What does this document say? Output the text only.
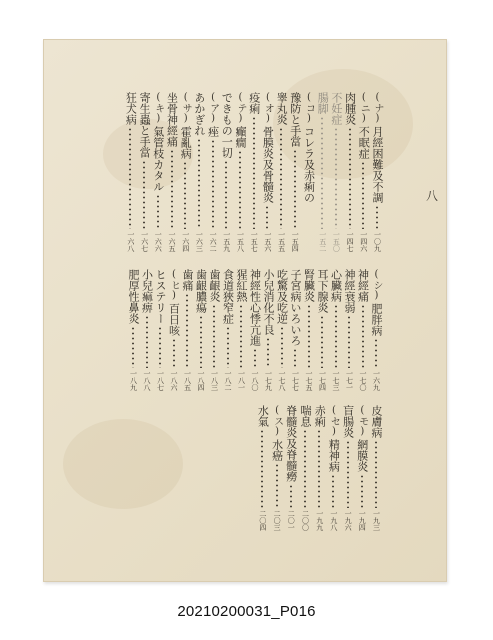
(ナ)
月經困難及不調
一〇九
(ニ)
不眠症
一四六
肉腫炎
一四七
不妊症
一五〇
腸脚
一五二
(コ)
コレラ及赤痢の
豫防と手當
一五四
睾丸炎
一五五
(オ)
骨膜炎及骨髓炎
一五六
疫痢
一五七
(テ)
癲癇
一五八
できもの一切
一五九
(ア)
痤
一六二
あかぎれ
一六三
(サ)
霍亂病
一六四
坐骨神經痛
一六五
(キ)
氣管枝カタル
一六六
寄生蟲と手當
一六七
狂犬病
一六八
(シ)
肥胖病
一六九
神經痛
一七〇
神經衰弱
一七一
心臟病
一七三
耳下腺炎
一七四
腎臟炎
一七五
子宮病いろいろ
一七七
吃驚及吃逆
一七八
小兒消化不良
一七九
神經性心悸亢進
一八〇
猩紅熱
一八一
食道狹窄症
一八二
歯齦炎
一八三
歯齦膿瘍
一八四
歯痛
一八五
(ヒ)
百日咳
一八六
ヒステリー
一八七
小兒痲痹
一八八
肥厚性鼻炎
一八九
皮膚病
一九三
(モ)
網膜炎
一九四
盲腸炎
一九六
(セ)
精神病
一九八
赤痢
一九九
喘息
二〇〇
脊髓炎及脊髓癆
二〇一
(ス)
水癌
二〇三
水氣
二〇四
八
20210200031_P016
